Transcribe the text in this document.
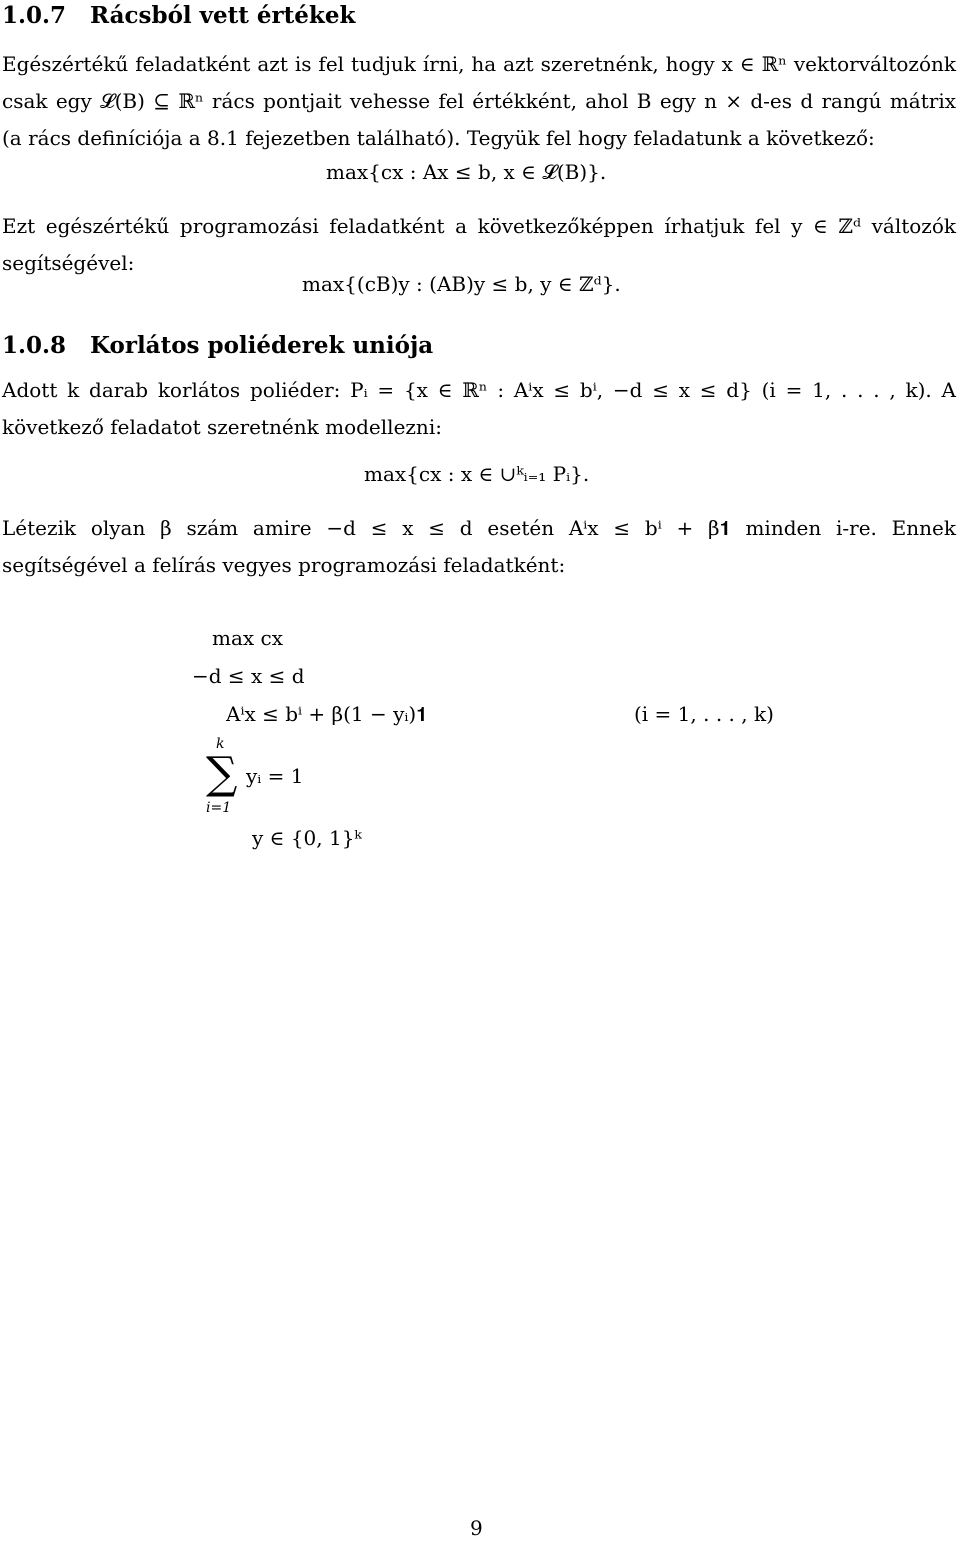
1.0.7 Rácsból vett értékek
Egészértékű feladatként azt is fel tudjuk írni, ha azt szeretnénk, hogy x ∈ ℝⁿ vektorváltozónk
csak egy 𝓛(B) ⊆ ℝⁿ rács pontjait vehesse fel értékként, ahol B egy n × d-es d rangú mátrix
(a rács definíciója a 8.1 fejezetben található). Tegyük fel hogy feladatunk a következő:
max{cx : Ax ≤ b, x ∈ 𝓛(B)}.
Ezt egészértékű programozási feladatként a következőképpen írhatjuk fel y ∈ ℤᵈ változók
segítségével:
max{(cB)y : (AB)y ≤ b, y ∈ ℤᵈ}.
1.0.8 Korlátos poliéderek uniója
Adott k darab korlátos poliéder: Pᵢ = {x ∈ ℝⁿ : Aⁱx ≤ bⁱ, −d ≤ x ≤ d} (i = 1, . . . , k). A
következő feladatot szeretnénk modellezni:
max{cx : x ∈ ∪ᵏᵢ₌₁ Pᵢ}.
Létezik olyan β szám amire −d ≤ x ≤ d esetén Aⁱx ≤ bⁱ + β𝟏 minden i-re. Ennek
segítségével a felírás vegyes programozási feladatként:
max cx
−d ≤ x ≤ d
Aⁱx ≤ bⁱ + β(1 − yᵢ)𝟏	(i = 1, . . . , k)
k
∑
i=1
yᵢ = 1
y ∈ {0, 1}ᵏ
9
